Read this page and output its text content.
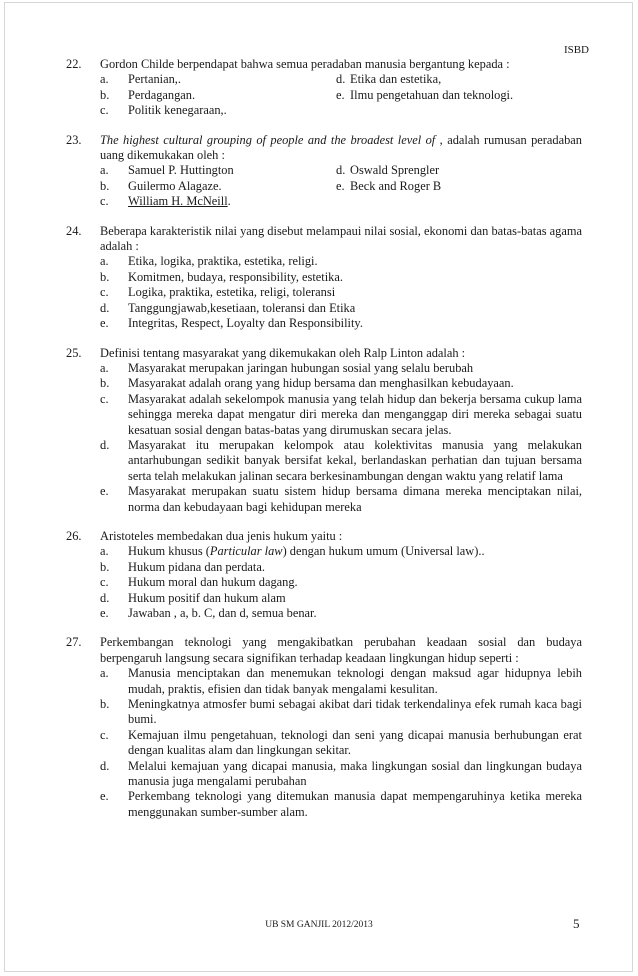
ISBD
22.	Gordon Childe berpendapat bahwa semua peradaban manusia bergantung kepada :
a.	Pertanian,.	d. Etika dan estetika,
b.	Perdagangan.	e. Ilmu pengetahuan dan teknologi.
c.	Politik kenegaraan,.
23.	The highest cultural grouping of people and the broadest level of , adalah rumusan peradaban uang dikemukakan oleh :
a.	Samuel P. Huttington	d. Oswald Sprengler
b.	Guilermo Alagaze.	e. Beck and Roger B
c.	William H. McNeill.
24.	Beberapa karakteristik nilai yang disebut melampaui nilai sosial, ekonomi dan batas-batas agama adalah :
a.	Etika, logika, praktika, estetika, religi.
b.	Komitmen, budaya, responsibility, estetika.
c.	Logika, praktika, estetika, religi, toleransi
d.	Tanggungjawab,kesetiaan, toleransi dan Etika
e.	Integritas, Respect, Loyalty dan Responsibility.
25.	Definisi tentang masyarakat yang dikemukakan oleh Ralp Linton adalah :
a.	Masyarakat merupakan jaringan hubungan sosial yang selalu berubah
b.	Masyarakat adalah orang yang hidup bersama dan menghasilkan kebudayaan.
c.	Masyarakat adalah sekelompok manusia yang telah hidup dan bekerja bersama cukup lama sehingga mereka dapat mengatur diri mereka dan menganggap diri mereka sebagai suatu kesatuan sosial dengan batas-batas yang dirumuskan secara jelas.
d.	Masyarakat itu merupakan kelompok atau kolektivitas manusia yang melakukan antarhubungan sedikit banyak bersifat kekal, berlandaskan perhatian dan tujuan bersama serta telah melakukan jalinan secara berkesinambungan dengan waktu yang relatif lama
e.	Masyarakat merupakan suatu sistem hidup bersama dimana mereka menciptakan nilai, norma dan kebudayaan bagi kehidupan mereka
26.	Aristoteles membedakan dua jenis hukum yaitu :
a.	Hukum khusus (Particular law) dengan hukum umum (Universal law)..
b.	Hukum pidana dan perdata.
c.	Hukum moral dan hukum dagang.
d.	Hukum positif dan hukum alam
e.	Jawaban , a, b. C, dan d, semua benar.
27.	Perkembangan teknologi yang mengakibatkan perubahan keadaan sosial dan budaya berpengaruh langsung secara signifikan terhadap keadaan lingkungan hidup seperti :
a.	Manusia menciptakan dan menemukan teknologi dengan maksud agar hidupnya lebih mudah, praktis, efisien dan tidak banyak mengalami kesulitan.
b.	Meningkatnya atmosfer bumi sebagai akibat dari tidak terkendalinya efek rumah kaca bagi bumi.
c.	Kemajuan ilmu pengetahuan, teknologi dan seni yang dicapai manusia berhubungan erat dengan kualitas alam dan lingkungan sekitar.
d.	Melalui kemajuan yang dicapai manusia, maka lingkungan sosial dan lingkungan budaya manusia juga mengalami perubahan
e.	Perkembang teknologi yang ditemukan manusia dapat mempengaruhinya ketika mereka menggunakan sumber-sumber alam.
UB SM GANJIL 2012/2013	5
